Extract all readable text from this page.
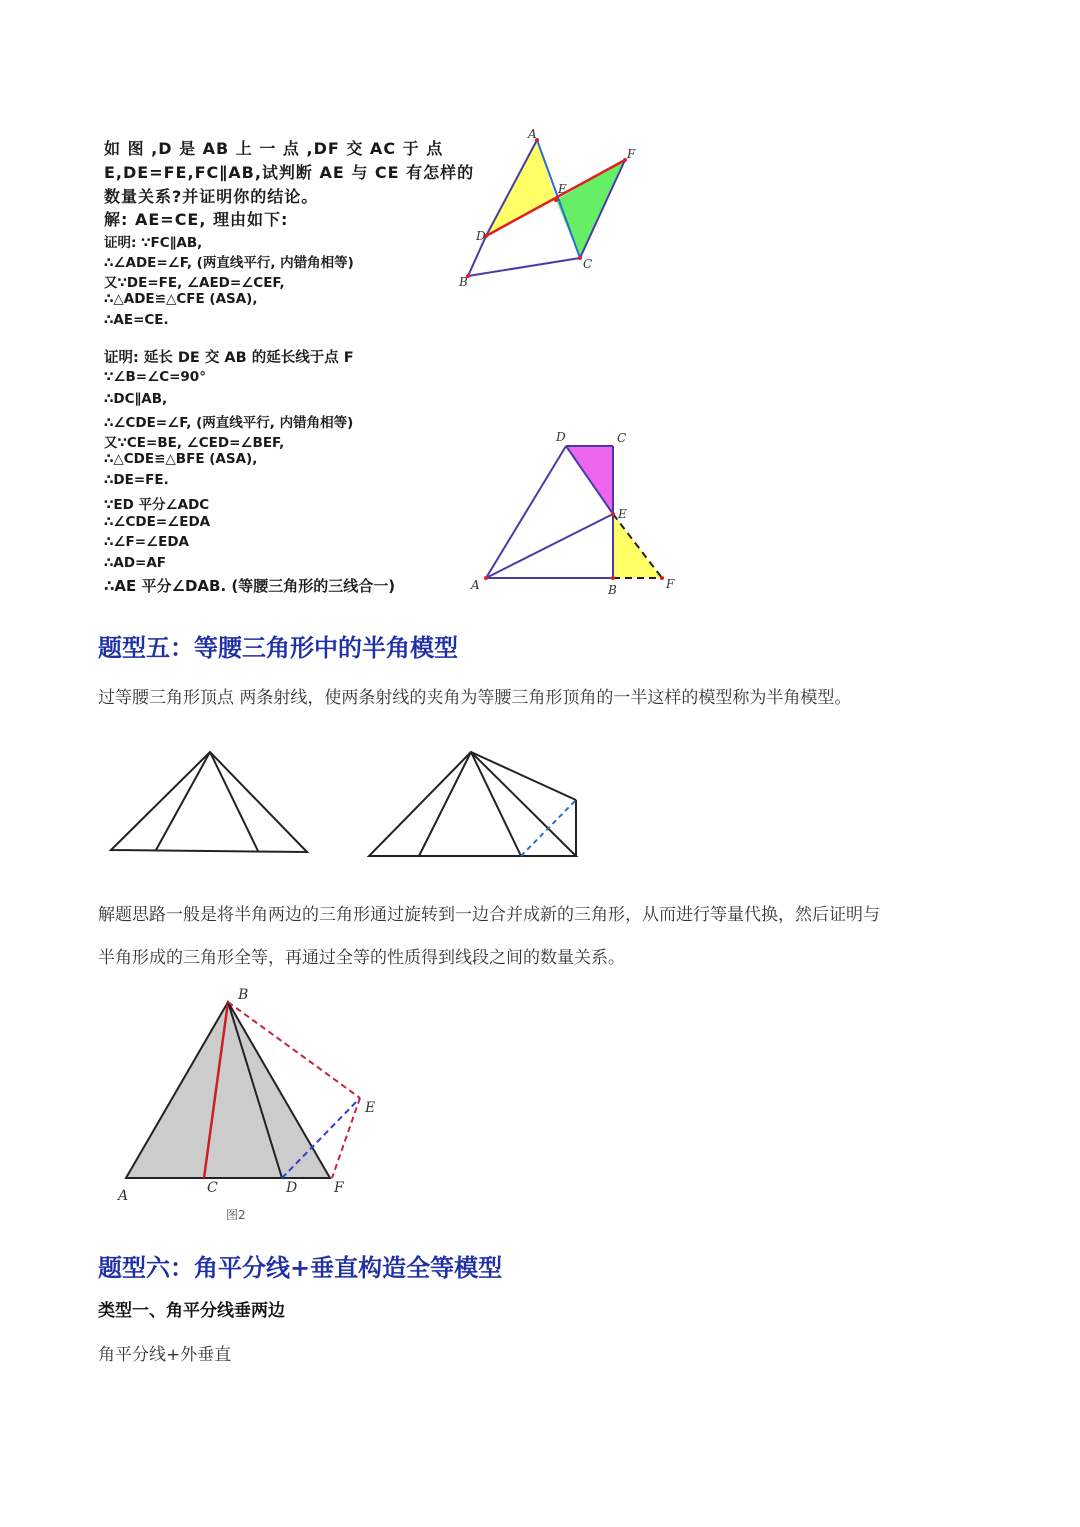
如 图 ,D 是 AB 上 一 点 ,DF 交 AC 于 点
E,DE=FE,FC∥AB,试判断 AE 与 CE 有怎样的
数量关系?并证明你的结论。
解: AE=CE, 理由如下:
证明: ∵FC∥AB,
∴∠ADE=∠F, (两直线平行, 内错角相等)
又∵DE=FE, ∠AED=∠CEF,
∴△ADE≌△CFE (ASA),
∴AE=CE.
A
F
E
D
C
B
证明: 延长 DE 交 AB 的延长线于点 F
∵∠B=∠C=90°
∴DC∥AB,
∴∠CDE=∠F, (两直线平行, 内错角相等)
又∵CE=BE, ∠CED=∠BEF,
∴△CDE≌△BFE (ASA),
∴DE=FE.
∵ED 平分∠ADC
∴∠CDE=∠EDA
∴∠F=∠EDA
∴AD=AF
∴AE 平分∠DAB. (等腰三角形的三线合一)
D	C
E
A	B	F
题型五：等腰三角形中的半角模型
过等腰三角形顶点 两条射线，使两条射线的夹角为等腰三角形顶角的一半这样的模型称为半角模型。
解题思路一般是将半角两边的三角形通过旋转到一边合并成新的三角形，从而进行等量代换，然后证明与
半角形成的三角形全等，再通过全等的性质得到线段之间的数量关系。
B
E
A	C	D	F
图2
题型六：角平分线+垂直构造全等模型
类型一、角平分线垂两边
角平分线+外垂直
